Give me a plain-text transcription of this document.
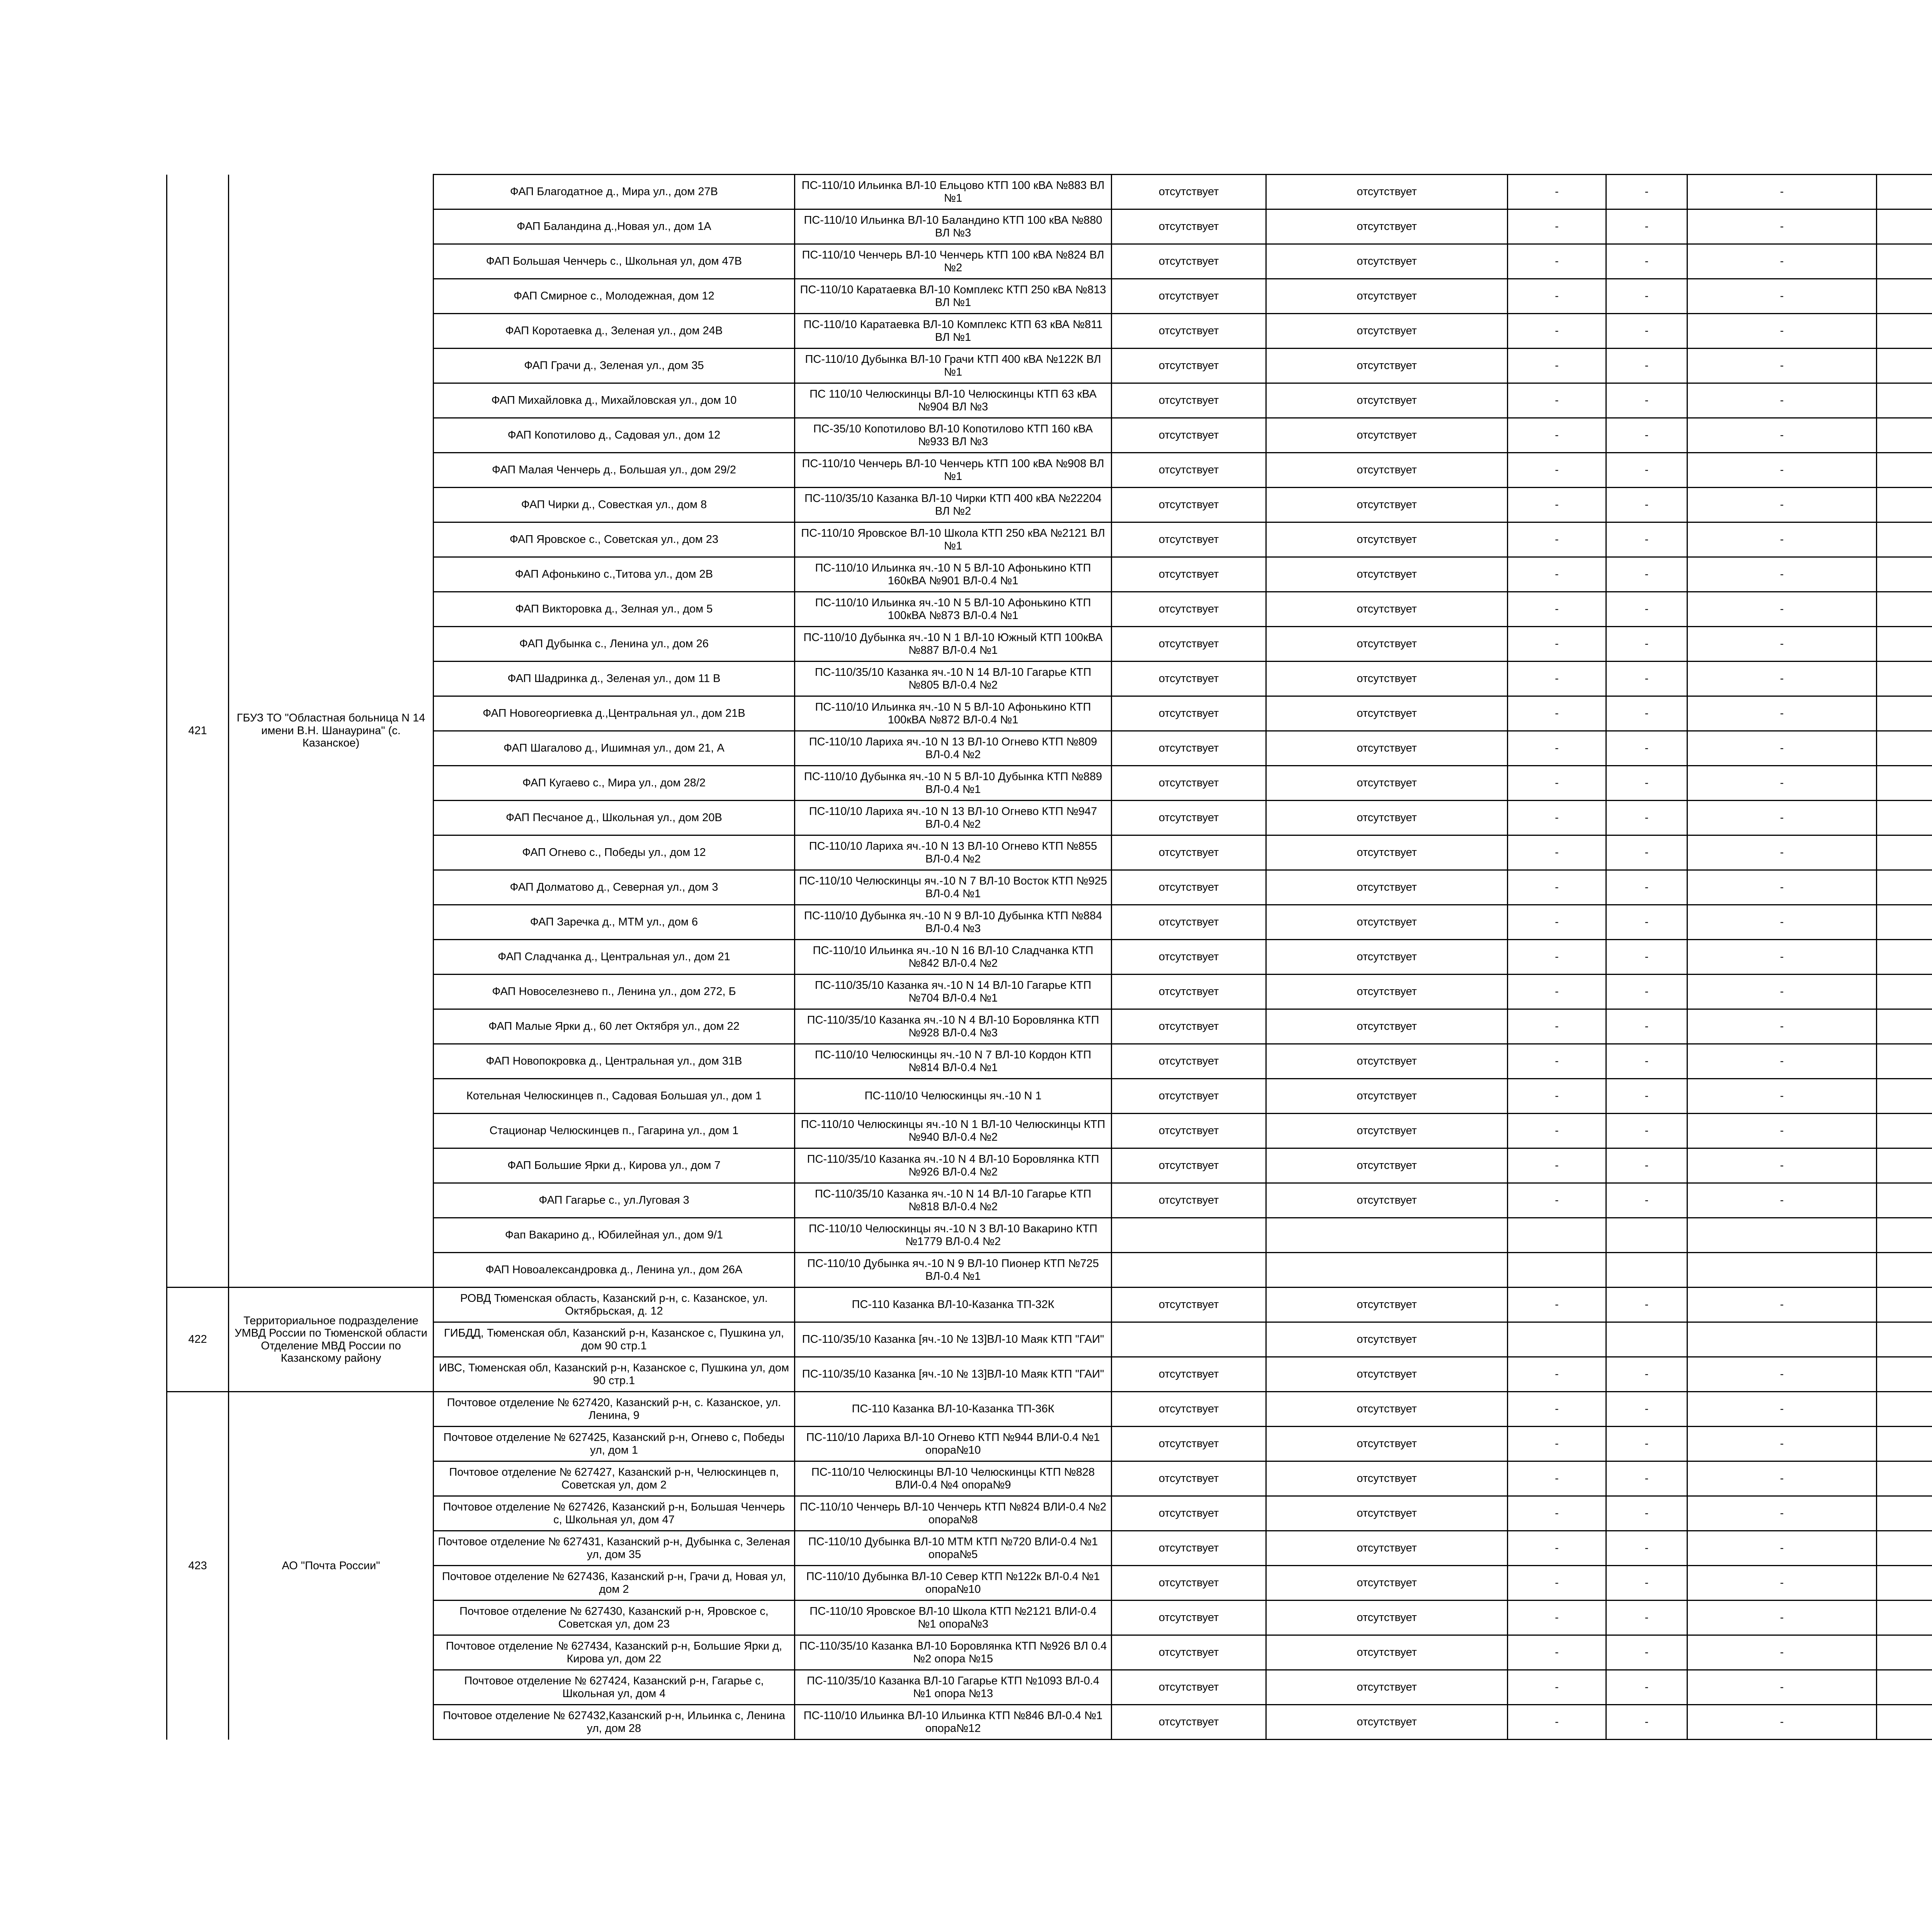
421	ГБУЗ ТО "Областная больница N 14 имени В.Н. Шанаурина" (с. Казанское)	ФАП Благодатное д., Мира ул., дом 27В	ПС-110/10 Ильинка ВЛ-10 Ельцово КТП 100 кВА №883 ВЛ №1	отсутствует	отсутствует	-	-	-		
		ФАП Баландина д.,Новая ул., дом 1А	ПС-110/10 Ильинка ВЛ-10 Баландино КТП 100 кВА №880 ВЛ №3	отсутствует	отсутствует	-	-	-		
		ФАП Большая Ченчерь с., Школьная ул, дом 47В	ПС-110/10 Ченчерь ВЛ-10 Ченчерь КТП 100 кВА №824 ВЛ №2	отсутствует	отсутствует	-	-	-		
		ФАП Смирное с., Молодежная, дом 12	ПС-110/10 Каратаевка ВЛ-10 Комплекс КТП 250 кВА №813 ВЛ №1	отсутствует	отсутствует	-	-	-		
		ФАП Коротаевка д., Зеленая ул., дом 24В	ПС-110/10 Каратаевка ВЛ-10 Комплекс КТП 63 кВА №811 ВЛ №1	отсутствует	отсутствует	-	-	-		
		ФАП Грачи д., Зеленая ул., дом 35	ПС-110/10 Дубынка ВЛ-10 Грачи КТП 400 кВА №122К ВЛ №1	отсутствует	отсутствует	-	-	-		
		ФАП Михайловка д., Михайловская ул., дом 10	ПС 110/10 Челюскинцы ВЛ-10 Челюскинцы КТП 63 кВА №904 ВЛ №3	отсутствует	отсутствует	-	-	-		
		ФАП Копотилово д., Садовая ул., дом 12	ПС-35/10 Копотилово ВЛ-10 Копотилово КТП 160 кВА №933 ВЛ №3	отсутствует	отсутствует	-	-	-		
		ФАП Малая Ченчерь д., Большая ул., дом 29/2	ПС-110/10 Ченчерь ВЛ-10 Ченчерь КТП 100 кВА №908 ВЛ №1	отсутствует	отсутствует	-	-	-		
		ФАП Чирки д., Совесткая ул., дом 8	ПС-110/35/10 Казанка ВЛ-10 Чирки КТП 400 кВА №22204 ВЛ №2	отсутствует	отсутствует	-	-	-		
		ФАП Яровское с., Советская ул., дом 23	ПС-110/10 Яровское ВЛ-10 Школа КТП 250 кВА №2121 ВЛ №1	отсутствует	отсутствует	-	-	-		
		ФАП Афонькино с.,Титова ул., дом 2В	ПС-110/10 Ильинка яч.-10 N 5 ВЛ-10 Афонькино КТП 160кВА №901 ВЛ-0.4 №1	отсутствует	отсутствует	-	-	-		
		ФАП Викторовка д., Зелная ул., дом 5	ПС-110/10 Ильинка яч.-10 N 5 ВЛ-10 Афонькино КТП 100кВА №873 ВЛ-0.4 №1	отсутствует	отсутствует	-	-	-		
		ФАП Дубынка с., Ленина ул., дом 26	ПС-110/10 Дубынка яч.-10 N 1 ВЛ-10 Южный КТП 100кВА №887 ВЛ-0.4 №1	отсутствует	отсутствует	-	-	-		
		ФАП Шадринка д., Зеленая ул., дом 11 В	ПС-110/35/10 Казанка яч.-10 N 14 ВЛ-10 Гагарье КТП №805 ВЛ-0.4 №2	отсутствует	отсутствует	-	-	-		
		ФАП Новогеоргиевка д.,Центральная ул., дом 21В	ПС-110/10 Ильинка яч.-10 N 5 ВЛ-10 Афонькино КТП 100кВА №872 ВЛ-0.4 №1	отсутствует	отсутствует	-	-	-		
		ФАП Шагалово д., Ишимная ул., дом 21, А	ПС-110/10 Лариха яч.-10 N 13 ВЛ-10 Огнево КТП №809 ВЛ-0.4 №2	отсутствует	отсутствует	-	-	-		
		ФАП Кугаево с., Мира ул., дом 28/2	ПС-110/10 Дубынка яч.-10 N 5 ВЛ-10 Дубынка КТП №889 ВЛ-0.4 №1	отсутствует	отсутствует	-	-	-		
		ФАП Песчаное д., Школьная ул., дом 20В	ПС-110/10 Лариха яч.-10 N 13 ВЛ-10 Огнево КТП №947 ВЛ-0.4 №2	отсутствует	отсутствует	-	-	-		
		ФАП Огнево с., Победы ул., дом 12	ПС-110/10 Лариха яч.-10 N 13 ВЛ-10 Огнево КТП №855 ВЛ-0.4 №2	отсутствует	отсутствует	-	-	-		
		ФАП Долматово д., Северная ул., дом 3	ПС-110/10 Челюскинцы яч.-10 N 7 ВЛ-10 Восток КТП №925 ВЛ-0.4 №1	отсутствует	отсутствует	-	-	-		
		ФАП Заречка д., МТМ ул., дом 6	ПС-110/10 Дубынка яч.-10 N 9 ВЛ-10 Дубынка КТП №884 ВЛ-0.4 №3	отсутствует	отсутствует	-	-	-		
		ФАП Сладчанка д., Центральная ул., дом 21	ПС-110/10 Ильинка яч.-10 N 16 ВЛ-10 Сладчанка КТП №842 ВЛ-0.4 №2	отсутствует	отсутствует	-	-	-		
		ФАП Новоселезнево п., Ленина ул., дом 272, Б	ПС-110/35/10 Казанка яч.-10 N 14 ВЛ-10 Гагарье КТП №704 ВЛ-0.4 №1	отсутствует	отсутствует	-	-	-		
		ФАП Малые Ярки д., 60 лет Октября ул., дом 22	ПС-110/35/10 Казанка яч.-10 N 4 ВЛ-10 Боровлянка КТП №928 ВЛ-0.4 №3	отсутствует	отсутствует	-	-	-		
		ФАП Новопокровка д., Центральная ул., дом 31В	ПС-110/10 Челюскинцы яч.-10 N 7 ВЛ-10 Кордон КТП №814 ВЛ-0.4 №1	отсутствует	отсутствует	-	-	-		
		Котельная Челюскинцев п., Садовая Большая ул., дом 1	ПС-110/10 Челюскинцы яч.-10 N 1	отсутствует	отсутствует	-	-	-		
		Стационар Челюскинцев п., Гагарина ул., дом 1	ПС-110/10 Челюскинцы яч.-10 N 1 ВЛ-10 Челюскинцы КТП №940 ВЛ-0.4 №2	отсутствует	отсутствует	-	-	-		
		ФАП Большие Ярки д., Кирова ул., дом 7	ПС-110/35/10 Казанка яч.-10 N 4 ВЛ-10 Боровлянка КТП №926 ВЛ-0.4 №2	отсутствует	отсутствует	-	-	-		
		ФАП Гагарье с., ул.Луговая 3	ПС-110/35/10 Казанка яч.-10 N 14 ВЛ-10 Гагарье КТП №818 ВЛ-0.4 №2	отсутствует	отсутствует	-	-	-		
		Фап Вакарино д., Юбилейная ул., дом 9/1	ПС-110/10 Челюскинцы яч.-10 N 3 ВЛ-10 Вакарино КТП №1779 ВЛ-0.4 №2							
		ФАП Новоалександровка д., Ленина ул., дом 26А	ПС-110/10 Дубынка яч.-10 N 9 ВЛ-10 Пионер КТП №725 ВЛ-0.4 №1							
422	Территориальное подразделение УМВД России по Тюменской области Отделение МВД России по Казанскому району	РОВД Тюменская область, Казанский р-н, с. Казанское, ул. Октябрьская, д. 12	ПС-110 Казанка ВЛ-10-Казанка ТП-32К	отсутствует	отсутствует	-	-	-		
		ГИБДД, Тюменская обл, Казанский р-н, Казанское с, Пушкина ул, дом 90 стр.1	ПС-110/35/10 Казанка [яч.-10 № 13]ВЛ-10 Маяк КТП "ГАИ"		отсутствует					
		ИВС, Тюменская обл, Казанский р-н, Казанское с, Пушкина ул, дом 90 стр.1	ПС-110/35/10 Казанка [яч.-10 № 13]ВЛ-10 Маяк КТП "ГАИ"	отсутствует	отсутствует	-	-	-		
423	АО "Почта России"	Почтовое отделение № 627420, Казанский р-н, с. Казанское, ул. Ленина, 9	ПС-110 Казанка ВЛ-10-Казанка ТП-36К	отсутствует	отсутствует	-	-	-		
		Почтовое отделение № 627425, Казанский р-н, Огнево с, Победы ул, дом 1	ПС-110/10 Лариха ВЛ-10 Огнево КТП №944 ВЛИ-0.4 №1 опора№10	отсутствует	отсутствует	-	-	-		
		Почтовое отделение № 627427, Казанский р-н, Челюскинцев п, Советская ул, дом 2	ПС-110/10 Челюскинцы ВЛ-10 Челюскинцы КТП №828 ВЛИ-0.4 №4 опора№9	отсутствует	отсутствует	-	-	-		
		Почтовое отделение № 627426, Казанский р-н, Большая Ченчерь с, Школьная ул, дом 47	ПС-110/10 Ченчерь ВЛ-10 Ченчерь КТП №824 ВЛИ-0.4 №2 опора№8	отсутствует	отсутствует	-	-	-		
		Почтовое отделение № 627431, Казанский р-н, Дубынка с, Зеленая ул, дом 35	ПС-110/10 Дубынка ВЛ-10 МТМ КТП №720 ВЛИ-0.4 №1 опора№5	отсутствует	отсутствует	-	-	-		
		Почтовое отделение № 627436, Казанский р-н, Грачи д, Новая ул, дом 2	ПС-110/10 Дубынка ВЛ-10 Север КТП №122к ВЛ-0.4 №1 опора№10	отсутствует	отсутствует	-	-	-		
		Почтовое отделение № 627430, Казанский р-н, Яровское с, Советская ул, дом 23	ПС-110/10 Яровское ВЛ-10 Школа КТП №2121 ВЛИ-0.4 №1 опора№3	отсутствует	отсутствует	-	-	-		
		Почтовое отделение № 627434, Казанский р-н, Большие Ярки д, Кирова ул, дом 22	ПС-110/35/10 Казанка ВЛ-10 Боровлянка КТП №926 ВЛ 0.4 №2 опора №15	отсутствует	отсутствует	-	-	-		
		Почтовое отделение № 627424, Казанский р-н, Гагарье с, Школьная ул, дом 4	ПС-110/35/10 Казанка ВЛ-10 Гагарье КТП №1093 ВЛ-0.4 №1 опора №13	отсутствует	отсутствует	-	-	-		
		Почтовое отделение № 627432,Казанский р-н, Ильинка с, Ленина ул, дом 28	ПС-110/10 Ильинка ВЛ-10 Ильинка КТП №846 ВЛ-0.4 №1 опора№12	отсутствует	отсутствует	-	-	-		
